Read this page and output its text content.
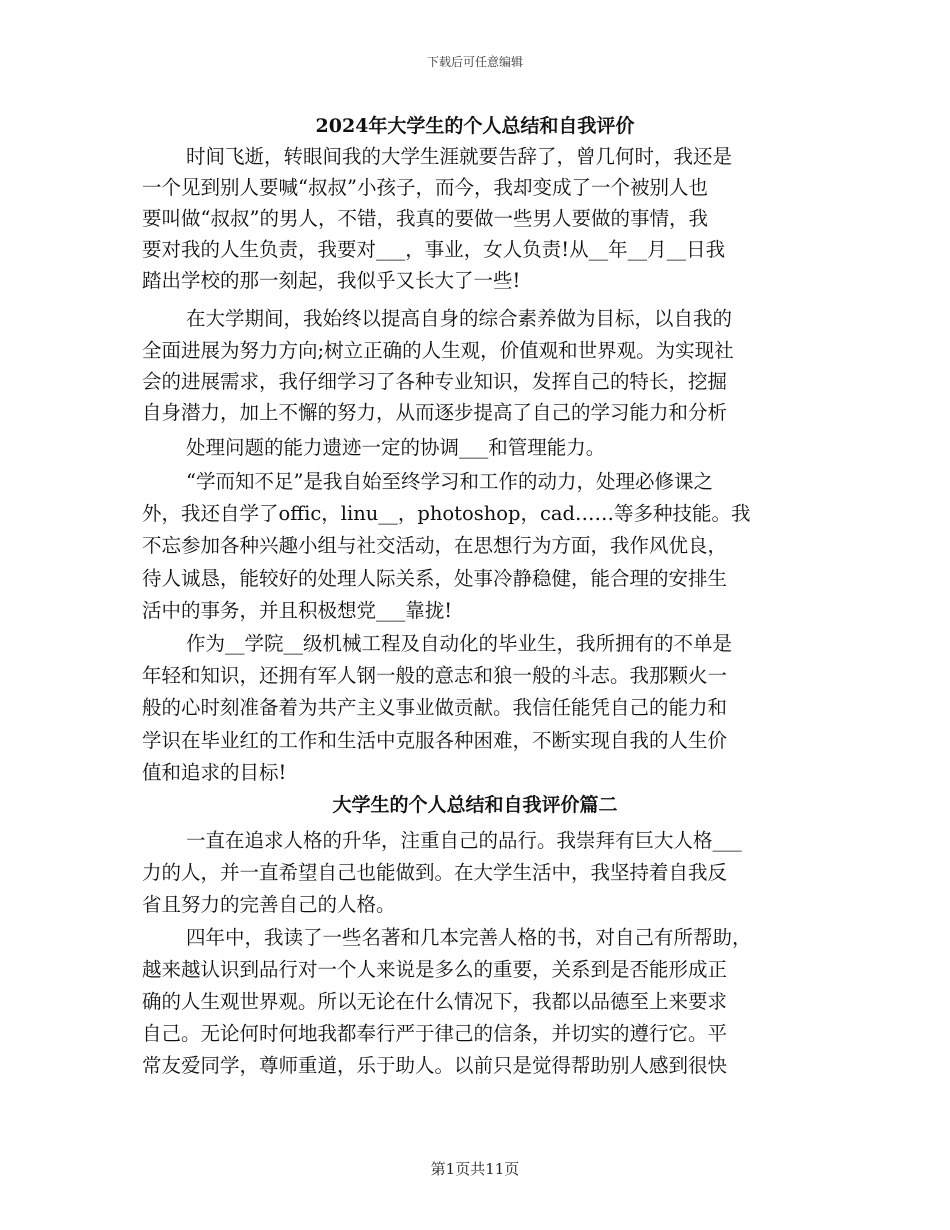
下载后可任意编辑
2024年大学生的个人总结和自我评价
时间飞逝，转眼间我的大学生涯就要告辞了，曾几何时，我还是
一个见到别人要喊“叔叔”小孩子，而今，我却变成了一个被别人也
要叫做“叔叔”的男人，不错，我真的要做一些男人要做的事情，我
要对我的人生负责，我要对___，事业，女人负责!从__年__月__日我
踏出学校的那一刻起，我似乎又长大了一些!
在大学期间，我始终以提高自身的综合素养做为目标，以自我的
全面进展为努力方向;树立正确的人生观，价值观和世界观。为实现社
会的进展需求，我仔细学习了各种专业知识，发挥自己的特长，挖掘
自身潜力，加上不懈的努力，从而逐步提高了自己的学习能力和分析
处理问题的能力遗迹一定的协调___和管理能力。
“学而知不足”是我自始至终学习和工作的动力，处理必修课之
外，我还自学了offic，linu__，photoshop，cad……等多种技能。我
不忘参加各种兴趣小组与社交活动，在思想行为方面，我作风优良，
待人诚恳，能较好的处理人际关系，处事冷静稳健，能合理的安排生
活中的事务，并且积极想党___靠拢!
作为__学院__级机械工程及自动化的毕业生，我所拥有的不单是
年轻和知识，还拥有军人钢一般的意志和狼一般的斗志。我那颗火一
般的心时刻准备着为共产主义事业做贡献。我信任能凭自己的能力和
学识在毕业红的工作和生活中克服各种困难，不断实现自我的人生价
值和追求的目标!
大学生的个人总结和自我评价篇二
一直在追求人格的升华，注重自己的品行。我崇拜有巨大人格___
力的人，并一直希望自己也能做到。在大学生活中，我坚持着自我反
省且努力的完善自己的人格。
四年中，我读了一些名著和几本完善人格的书，对自己有所帮助，
越来越认识到品行对一个人来说是多么的重要，关系到是否能形成正
确的人生观世界观。所以无论在什么情况下，我都以品德至上来要求
自己。无论何时何地我都奉行严于律己的信条，并切实的遵行它。平
常友爱同学，尊师重道，乐于助人。以前只是觉得帮助别人感到很快
第1页共11页
